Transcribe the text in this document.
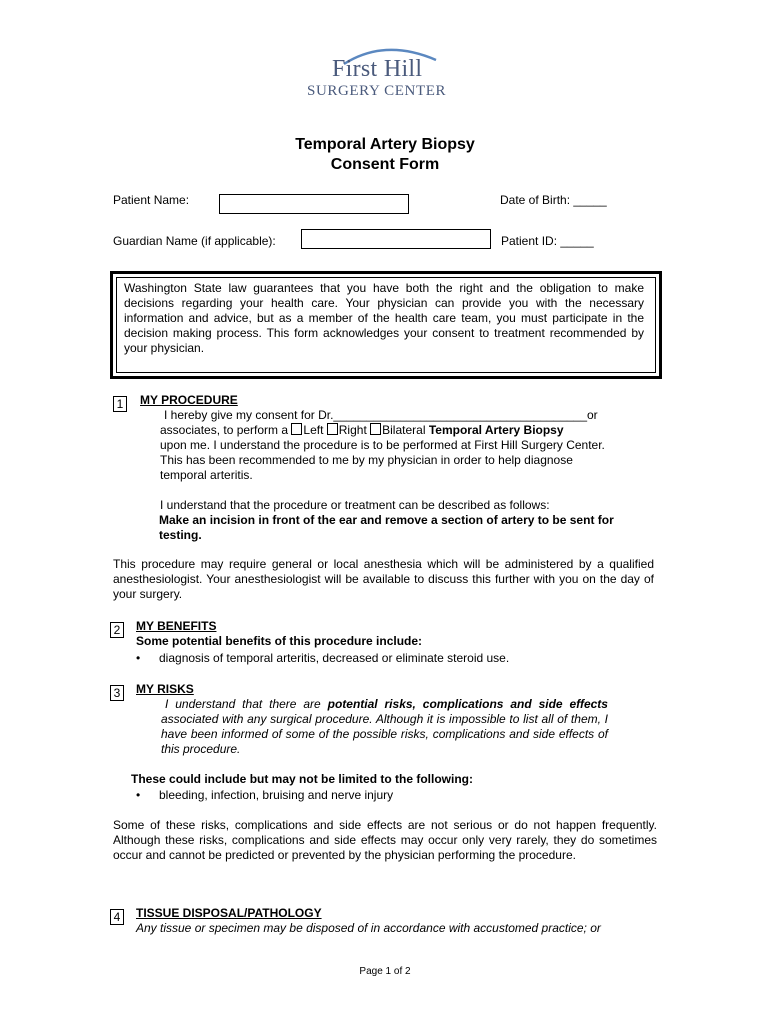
First Hill
SURGERY CENTER
Temporal Artery Biopsy
Consent Form
Patient Name:	Date of Birth: _____
Guardian Name (if applicable):	Patient ID: _____
Washington State law guarantees that you have both the right and the obligation to make decisions regarding your health care. Your physician can provide you with the necessary information and advice, but as a member of the health care team, you must participate in the decision making process. This form acknowledges your consent to treatment recommended by your physician.
1	MY PROCEDURE
I hereby give my consent for Dr.______________________________________or
associates, to perform a Left Right Bilateral Temporal Artery Biopsy
upon me. I understand the procedure is to be performed at First Hill Surgery Center. This has been recommended to me by my physician in order to help diagnose temporal arteritis.
I understand that the procedure or treatment can be described as follows:
Make an incision in front of the ear and remove a section of artery to be sent for testing.
This procedure may require general or local anesthesia which will be administered by a qualified anesthesiologist. Your anesthesiologist will be available to discuss this further with you on the day of your surgery.
2	MY BENEFITS
Some potential benefits of this procedure include:
• diagnosis of temporal arteritis, decreased or eliminate steroid use.
3	MY RISKS
I understand that there are potential risks, complications and side effects associated with any surgical procedure. Although it is impossible to list all of them, I have been informed of some of the possible risks, complications and side effects of this procedure.
These could include but may not be limited to the following:
• bleeding, infection, bruising and nerve injury
Some of these risks, complications and side effects are not serious or do not happen frequently. Although these risks, complications and side effects may occur only very rarely, they do sometimes occur and cannot be predicted or prevented by the physician performing the procedure.
4	TISSUE DISPOSAL/PATHOLOGY
Any tissue or specimen may be disposed of in accordance with accustomed practice; or
Page 1 of 2
